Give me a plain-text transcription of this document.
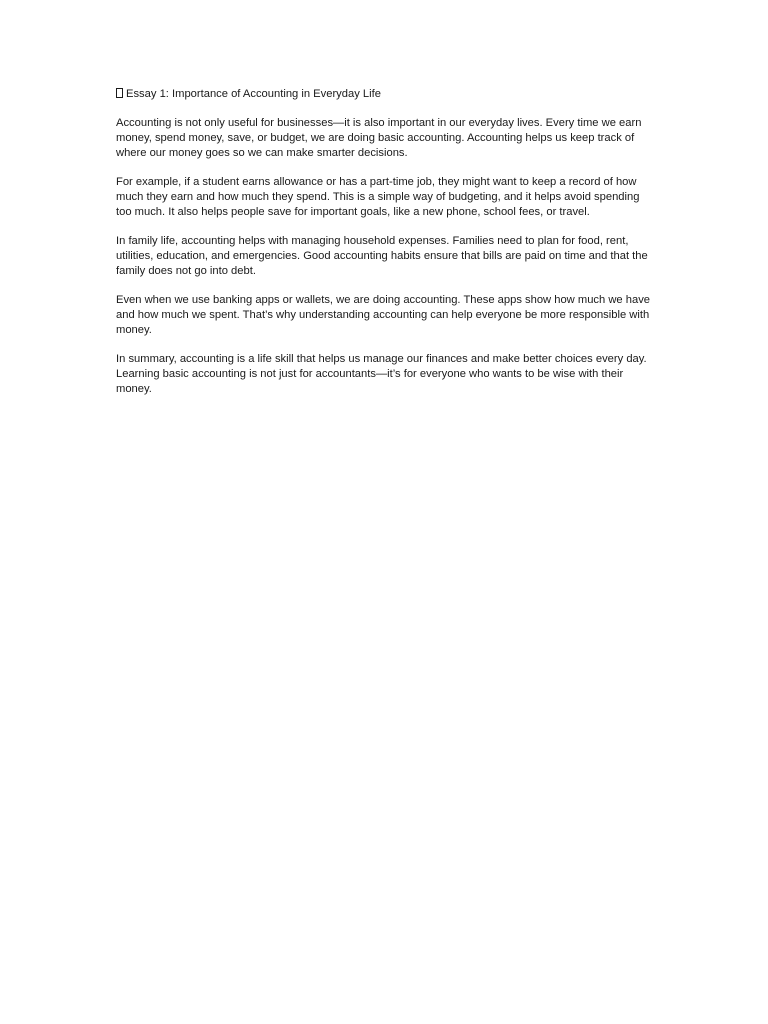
Essay 1: Importance of Accounting in Everyday Life

Accounting is not only useful for businesses—it is also important in our everyday lives. Every time we earn money, spend money, save, or budget, we are doing basic accounting. Accounting helps us keep track of where our money goes so we can make smarter decisions.

For example, if a student earns allowance or has a part-time job, they might want to keep a record of how much they earn and how much they spend. This is a simple way of budgeting, and it helps avoid spending too much. It also helps people save for important goals, like a new phone, school fees, or travel.

In family life, accounting helps with managing household expenses. Families need to plan for food, rent, utilities, education, and emergencies. Good accounting habits ensure that bills are paid on time and that the family does not go into debt.

Even when we use banking apps or wallets, we are doing accounting. These apps show how much we have and how much we spent. That’s why understanding accounting can help everyone be more responsible with money.

In summary, accounting is a life skill that helps us manage our finances and make better choices every day. Learning basic accounting is not just for accountants—it’s for everyone who wants to be wise with their money.
